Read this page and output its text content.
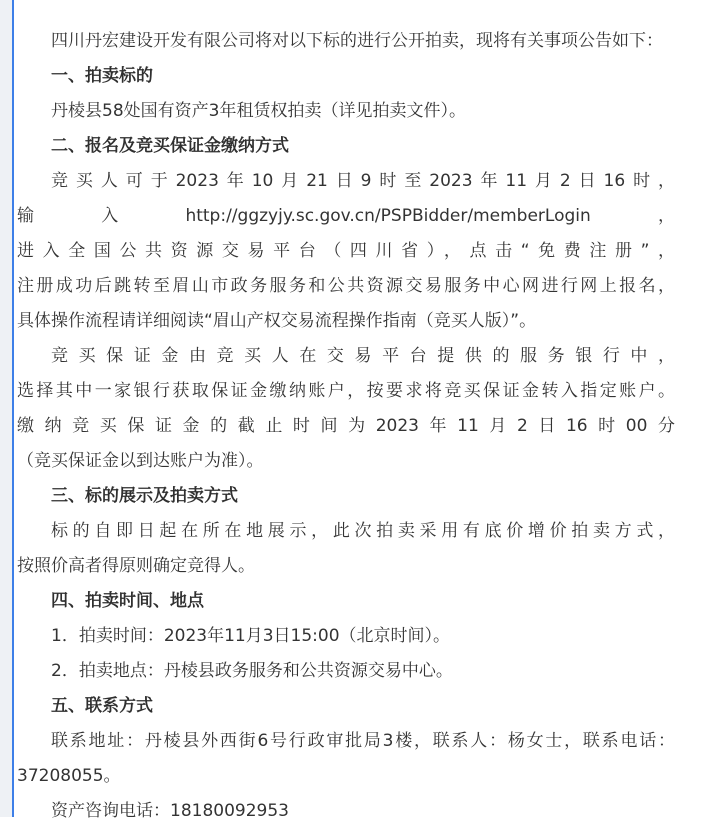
四川丹宏建设开发有限公司将对以下标的进行公开拍卖，现将有关事项公告如下：

一、拍卖标的

丹棱县58处国有资产3年租赁权拍卖（详见拍卖文件）。

二、报名及竞买保证金缴纳方式

竞买人可于2023年10月21日9时至2023年11月2日16时，输入http://ggzyjy.sc.gov.cn/PSPBidder/memberLogin，进入全国公共资源交易平台（四川省），点击“免费注册”，注册成功后跳转至眉山市政务服务和公共资源交易服务中心网进行网上报名，具体操作流程请详细阅读“眉山产权交易流程操作指南（竞买人版）”。

竞买保证金由竞买人在交易平台提供的服务银行中，选择其中一家银行获取保证金缴纳账户，按要求将竞买保证金转入指定账户。缴纳竞买保证金的截止时间为2023年11月2日16时00分（竞买保证金以到达账户为准）。

三、标的展示及拍卖方式

标的自即日起在所在地展示，此次拍卖采用有底价增价拍卖方式，按照价高者得原则确定竞得人。

四、拍卖时间、地点

1．拍卖时间：2023年11月3日15:00（北京时间）。

2．拍卖地点：丹棱县政务服务和公共资源交易中心。

五、联系方式

联系地址：丹棱县外西街6号行政审批局3楼，联系人：杨女士，联系电话：37208055。

资产咨询电话：18180092953
